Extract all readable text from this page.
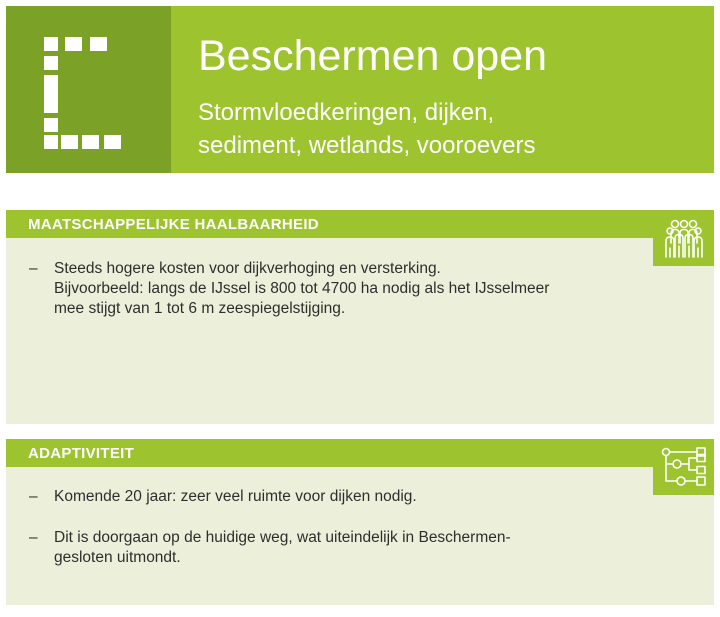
Beschermen open
Stormvloedkeringen, dijken,
sediment, wetlands, vooroevers
MAATSCHAPPELIJKE HAALBAARHEID
– Steeds hogere kosten voor dijkverhoging en versterking.
Bijvoorbeeld: langs de IJssel is 800 tot 4700 ha nodig als het IJsselmeer
mee stijgt van 1 tot 6 m zeespiegelstijging.
ADAPTIVITEIT
– Komende 20 jaar: zeer veel ruimte voor dijken nodig.
– Dit is doorgaan op de huidige weg, wat uiteindelijk in Beschermen-
gesloten uitmondt.
